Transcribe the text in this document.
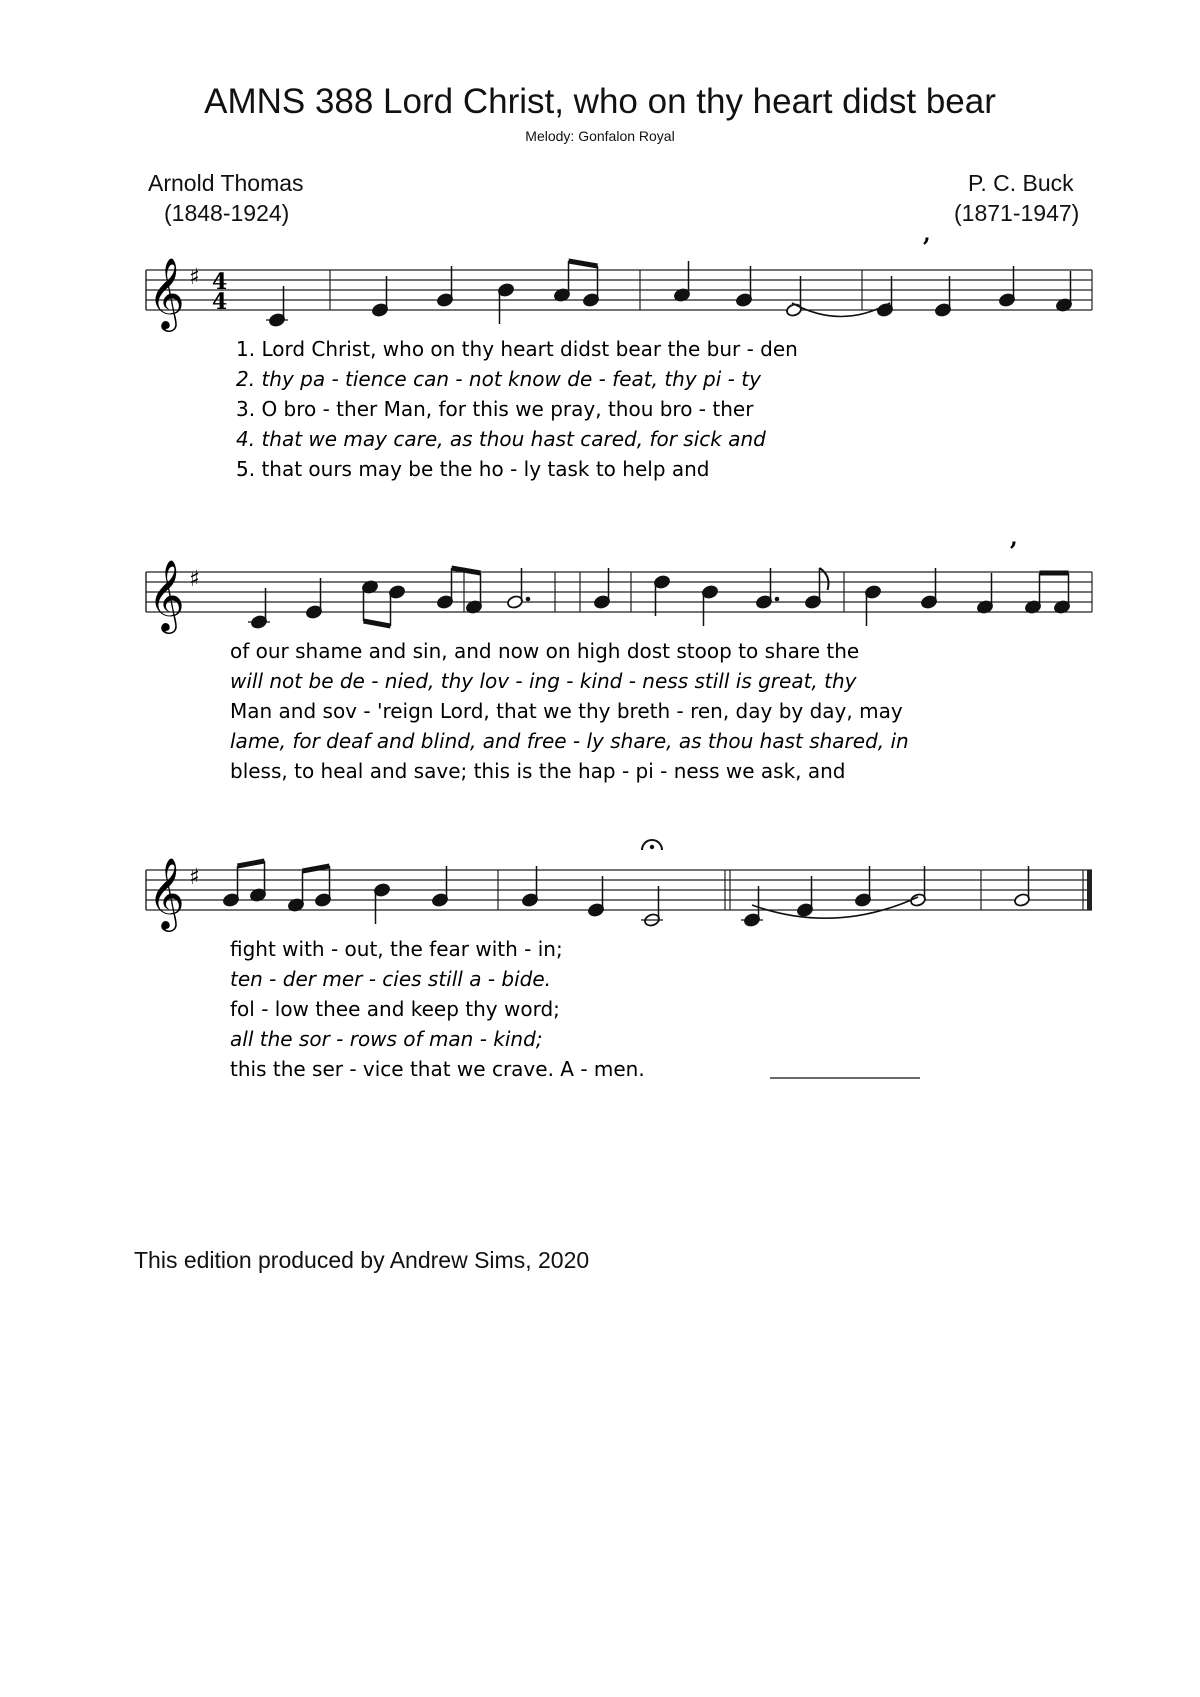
AMNS 388 Lord Christ, who on thy heart didst bear
Melody: Gonfalon Royal
Arnold Thomas
(1848-1924)
P. C. Buck
(1871-1947)
𝄞 ♯ 4
4
,
𝄞 ♯
,
𝄞 ♯
1. Lord Christ, who on thy heart didst bear the bur - den
2. thy pa - tience can - not know de - feat, thy pi - ty
3. O bro - ther Man, for this we pray, thou bro - ther
4. that we may care, as thou hast cared, for sick and
5. that ours may be the ho - ly task to help and
of our shame and sin, and now on high dost stoop to share the
will not be de - nied, thy lov - ing - kind - ness still is great, thy
Man and sov - 'reign Lord, that we thy breth - ren, day by day, may
lame, for deaf and blind, and free - ly share, as thou hast shared, in
bless, to heal and save; this is the hap - pi - ness we ask, and
fight with - out, the fear with - in;
ten - der mer - cies still a - bide.
fol - low thee and keep thy word;
all the sor - rows of man - kind;
this the ser - vice that we crave. A - men.
This edition produced by Andrew Sims, 2020
